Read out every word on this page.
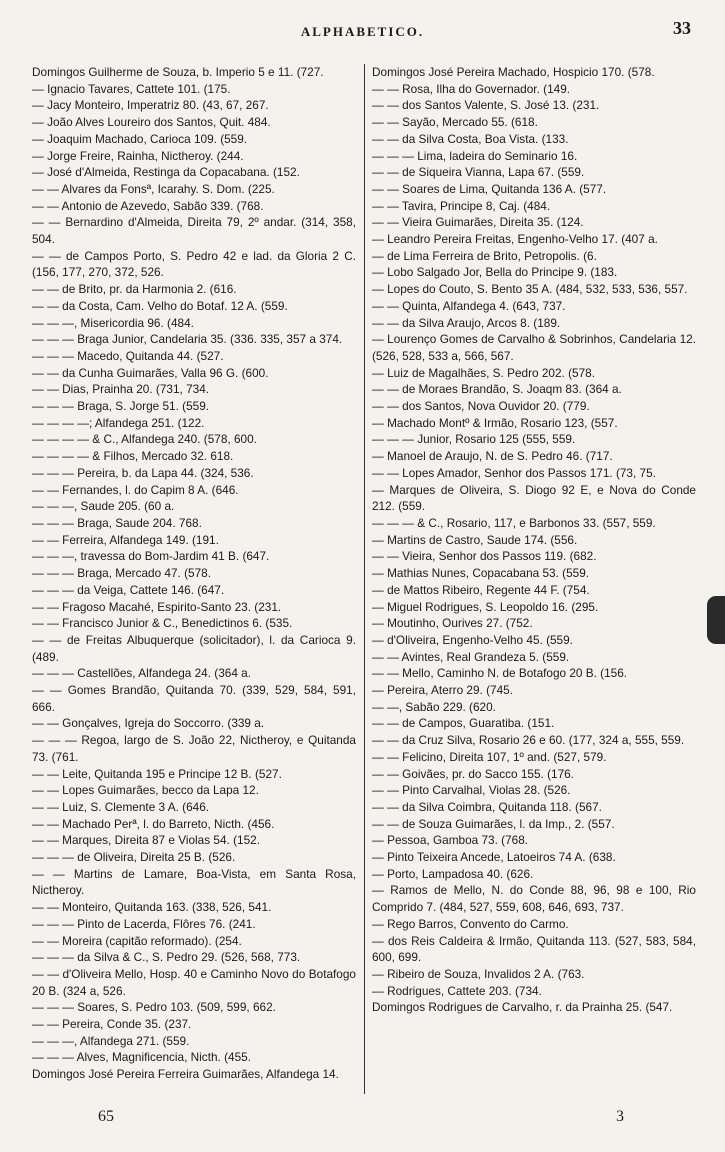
ALPHABETICO.	33

Domingos Guilherme de Souza, b. Imperio 5 e 11. (727.

— Ignacio Tavares, Cattete 101. (175.

— Jacy Monteiro, Imperatriz 80. (43, 67, 267.

— João Alves Loureiro dos Santos, Quit. 484.

— Joaquim Machado, Carioca 109. (559.

— Jorge Freire, Rainha, Nictheroy. (244.

— José d'Almeida, Restinga da Copacabana. (152.

— — Alvares da Fonsª, Icarahy. S. Dom. (225.

— — Antonio de Azevedo, Sabão 339. (768.

— — Bernardino d'Almeida, Direita 79, 2º andar. (314, 358, 504.

— — de Campos Porto, S. Pedro 42 e lad. da Gloria 2 C. (156, 177, 270, 372, 526.

— — de Brito, pr. da Harmonia 2. (616.

— — da Costa, Cam. Velho do Botaf. 12 A. (559.

— — —, Misericordia 96. (484.

— — — Braga Junior, Candelaria 35. (336. 335, 357 a 374.

— — — Macedo, Quitanda 44. (527.

— — da Cunha Guimarães, Valla 96 G. (600.

— — Dias, Prainha 20. (731, 734.

— — — Braga, S. Jorge 51. (559.

— — — —; Alfandega 251. (122.

— — — — & C., Alfandega 240. (578, 600.

— — — — & Filhos, Mercado 32. 618.

— — — Pereira, b. da Lapa 44. (324, 536.

— — Fernandes, l. do Capim 8 A. (646.

— — —, Saude 205. (60 a.

— — — Braga, Saude 204. 768.

— — Ferreira, Alfandega 149. (191.

— — —, travessa do Bom-Jardim 41 B. (647.

— — — Braga, Mercado 47. (578.

— — — da Veiga, Cattete 146. (647.

— — Fragoso Macahé, Espirito-Santo 23. (231.

— — Francisco Junior & C., Benedictinos 6. (535.

— — de Freitas Albuquerque (solicitador), l. da Carioca 9. (489.

— — — Castellões, Alfandega 24. (364 a.

— — Gomes Brandão, Quitanda 70. (339, 529, 584, 591, 666.

— — Gonçalves, Igreja do Soccorro. (339 a.

— — — Regoa, largo de S. João 22, Nictheroy, e Quitanda 73. (761.

— — Leite, Quitanda 195 e Principe 12 B. (527.

— — Lopes Guimarães, becco da Lapa 12.

— — Luiz, S. Clemente 3 A. (646.

— — Machado Perª, l. do Barreto, Nicth. (456.

— — Marques, Direita 87 e Violas 54. (152.

— — — de Oliveira, Direita 25 B. (526.

— — Martins de Lamare, Boa-Vista, em Santa Rosa, Nictheroy.

— — Monteiro, Quitanda 163. (338, 526, 541.

— — — Pinto de Lacerda, Flôres 76. (241.

— — Moreira (capitão reformado). (254.

— — — da Silva & C., S. Pedro 29. (526, 568, 773.

— — d'Oliveira Mello, Hosp. 40 e Caminho Novo do Botafogo 20 B. (324 a, 526.

— — — Soares, S. Pedro 103. (509, 599, 662.

— — Pereira, Conde 35. (237.

— — —, Alfandega 271. (559.

— — — Alves, Magnificencia, Nicth. (455.

Domingos José Pereira Ferreira Guimarães, Alfandega 14.

Domingos José Pereira Machado, Hospicio 170. (578.

— — Rosa, Ilha do Governador. (149.

— — dos Santos Valente, S. José 13. (231.

— — Sayão, Mercado 55. (618.

— — da Silva Costa, Boa Vista. (133.

— — — Lima, ladeira do Seminario 16.

— — de Siqueira Vianna, Lapa 67. (559.

— — Soares de Lima, Quitanda 136 A. (577.

— — Tavira, Principe 8, Caj. (484.

— — Vieira Guimarães, Direita 35. (124.

— Leandro Pereira Freitas, Engenho-Velho 17. (407 a.

— de Lima Ferreira de Brito, Petropolis. (6.

— Lobo Salgado Jor, Bella do Principe 9. (183.

— Lopes do Couto, S. Bento 35 A. (484, 532, 533, 536, 557.

— — Quinta, Alfandega 4. (643, 737.

— — da Silva Araujo, Arcos 8. (189.

— Lourenço Gomes de Carvalho & Sobrinhos, Candelaria 12. (526, 528, 533 a, 566, 567.

— Luiz de Magalhães, S. Pedro 202. (578.

— — de Moraes Brandão, S. Joaqm 83. (364 a.

— — dos Santos, Nova Ouvidor 20. (779.

— Machado Montº & Irmão, Rosario 123, (557.

— — — Junior, Rosario 125 (555, 559.

— Manoel de Araujo, N. de S. Pedro 46. (717.

— — Lopes Amador, Senhor dos Passos 171. (73, 75.

— Marques de Oliveira, S. Diogo 92 E, e Nova do Conde 212. (559.

— — — & C., Rosario, 117, e Barbonos 33. (557, 559.

— Martins de Castro, Saude 174. (556.

— — Vieira, Senhor dos Passos 119. (682.

— Mathias Nunes, Copacabana 53. (559.

— de Mattos Ribeiro, Regente 44 F. (754.

— Miguel Rodrigues, S. Leopoldo 16. (295.

— Moutinho, Ourives 27. (752.

— d'Oliveira, Engenho-Velho 45. (559.

— — Avintes, Real Grandeza 5. (559.

— — Mello, Caminho N. de Botafogo 20 B. (156.

— Pereira, Aterro 29. (745.

— —, Sabão 229. (620.

— — de Campos, Guaratiba. (151.

— — da Cruz Silva, Rosario 26 e 60. (177, 324 a, 555, 559.

— — Felicino, Direita 107, 1º and. (527, 579.

— — Goivães, pr. do Sacco 155. (176.

— — Pinto Carvalhal, Violas 28. (526.

— — da Silva Coimbra, Quitanda 118. (567.

— — de Souza Guimarães, l. da Imp., 2. (557.

— Pessoa, Gamboa 73. (768.

— Pinto Teixeira Ancede, Latoeiros 74 A. (638.

— Porto, Lampadosa 40. (626.

— Ramos de Mello, N. do Conde 88, 96, 98 e 100, Rio Comprido 7. (484, 527, 559, 608, 646, 693, 737.

— Rego Barros, Convento do Carmo.

— dos Reis Caldeira & Irmão, Quitanda 113. (527, 583, 584, 600, 699.

— Ribeiro de Souza, Invalidos 2 A. (763.

— Rodrigues, Cattete 203. (734.

Domingos Rodrigues de Carvalho, r. da Prainha 25. (547.

65	3
